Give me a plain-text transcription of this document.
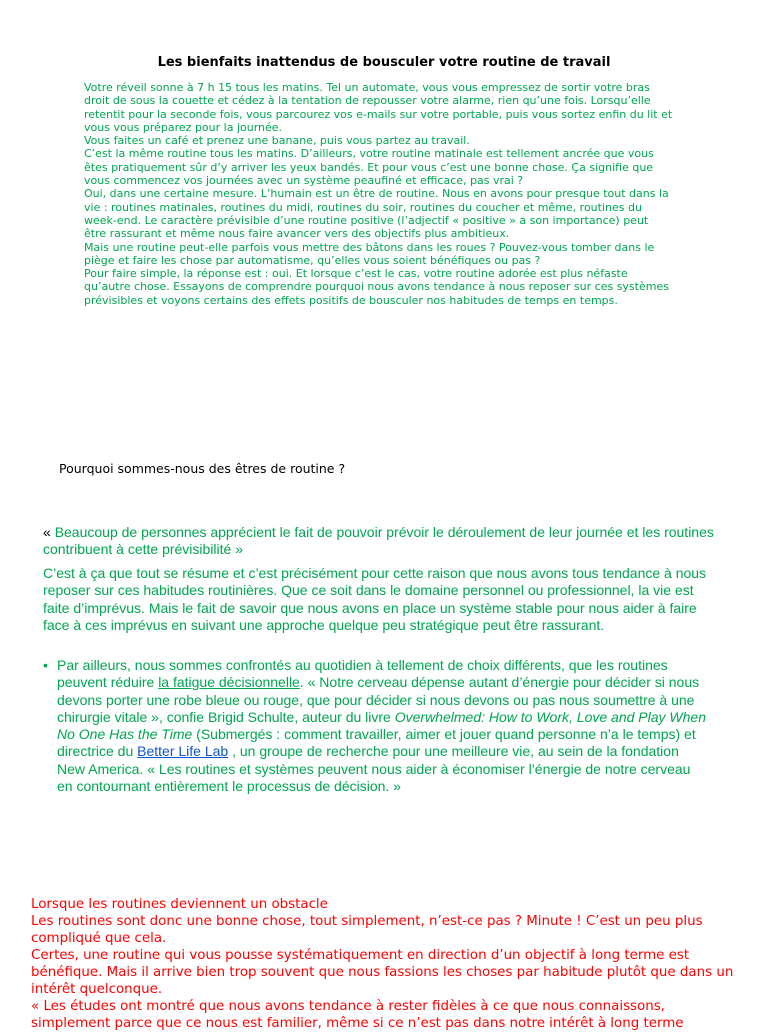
Les bienfaits inattendus de bousculer votre routine de travail
Votre réveil sonne à 7 h 15 tous les matins. Tel un automate, vous vous empressez de sortir votre bras
droit de sous la couette et cédez à la tentation de repousser votre alarme, rien qu’une fois. Lorsqu’elle
retentit pour la seconde fois, vous parcourez vos e-mails sur votre portable, puis vous sortez enfin du lit et
vous vous préparez pour la journée.
Vous faites un café et prenez une banane, puis vous partez au travail.
C’est la même routine tous les matins. D’ailleurs, votre routine matinale est tellement ancrée que vous
êtes pratiquement sûr d’y arriver les yeux bandés. Et pour vous c’est une bonne chose. Ça signifie que
vous commencez vos journées avec un système peaufiné et efficace, pas vrai ?
Oui, dans une certaine mesure. L’humain est un être de routine. Nous en avons pour presque tout dans la
vie : routines matinales, routines du midi, routines du soir, routines du coucher et même, routines du
week-end. Le caractère prévisible d’une routine positive (l’adjectif « positive » a son importance) peut
être rassurant et même nous faire avancer vers des objectifs plus ambitieux.
Mais une routine peut-elle parfois vous mettre des bâtons dans les roues ? Pouvez-vous tomber dans le
piège et faire les chose par automatisme, qu’elles vous soient bénéfiques ou pas ?
Pour faire simple, la réponse est : oui. Et lorsque c’est le cas, votre routine adorée est plus néfaste
qu’autre chose. Essayons de comprendre pourquoi nous avons tendance à nous reposer sur ces systèmes
prévisibles et voyons certains des effets positifs de bousculer nos habitudes de temps en temps.
Pourquoi sommes-nous des êtres de routine ?
« Beaucoup de personnes apprécient le fait de pouvoir prévoir le déroulement de leur journée et les routines contribuent à cette prévisibilité »
C’est à ça que tout se résume et c’est précisément pour cette raison que nous avons tous tendance à nous reposer sur ces habitudes routinières. Que ce soit dans le domaine personnel ou professionnel, la vie est faite d’imprévus. Mais le fait de savoir que nous avons en place un système stable pour nous aider à faire face à ces imprévus en suivant une approche quelque peu stratégique peut être rassurant.
• Par ailleurs, nous sommes confrontés au quotidien à tellement de choix différents, que les routines peuvent réduire la fatigue décisionnelle. « Notre cerveau dépense autant d’énergie pour décider si nous devons porter une robe bleue ou rouge, que pour décider si nous devons ou pas nous soumettre à une chirurgie vitale », confie Brigid Schulte, auteur du livre Overwhelmed: How to Work, Love and Play When No One Has the Time (Submergés : comment travailler, aimer et jouer quand personne n’a le temps) et directrice du Better Life Lab , un groupe de recherche pour une meilleure vie, au sein de la fondation New America. « Les routines et systèmes peuvent nous aider à économiser l’énergie de notre cerveau en contournant entièrement le processus de décision. »

Lorsque les routines deviennent un obstacle

Les routines sont donc une bonne chose, tout simplement, n’est-ce pas ? Minute ! C’est un peu plus compliqué que cela.

Certes, une routine qui vous pousse systématiquement en direction d’un objectif à long terme est bénéfique. Mais il arrive bien trop souvent que nous fassions les choses par habitude plutôt que dans un intérêt quelconque.

« Les études ont montré que nous avons tendance à rester fidèles à ce que nous connaissons, simplement parce que ce nous est familier, même si ce n’est pas dans notre intérêt à long terme
